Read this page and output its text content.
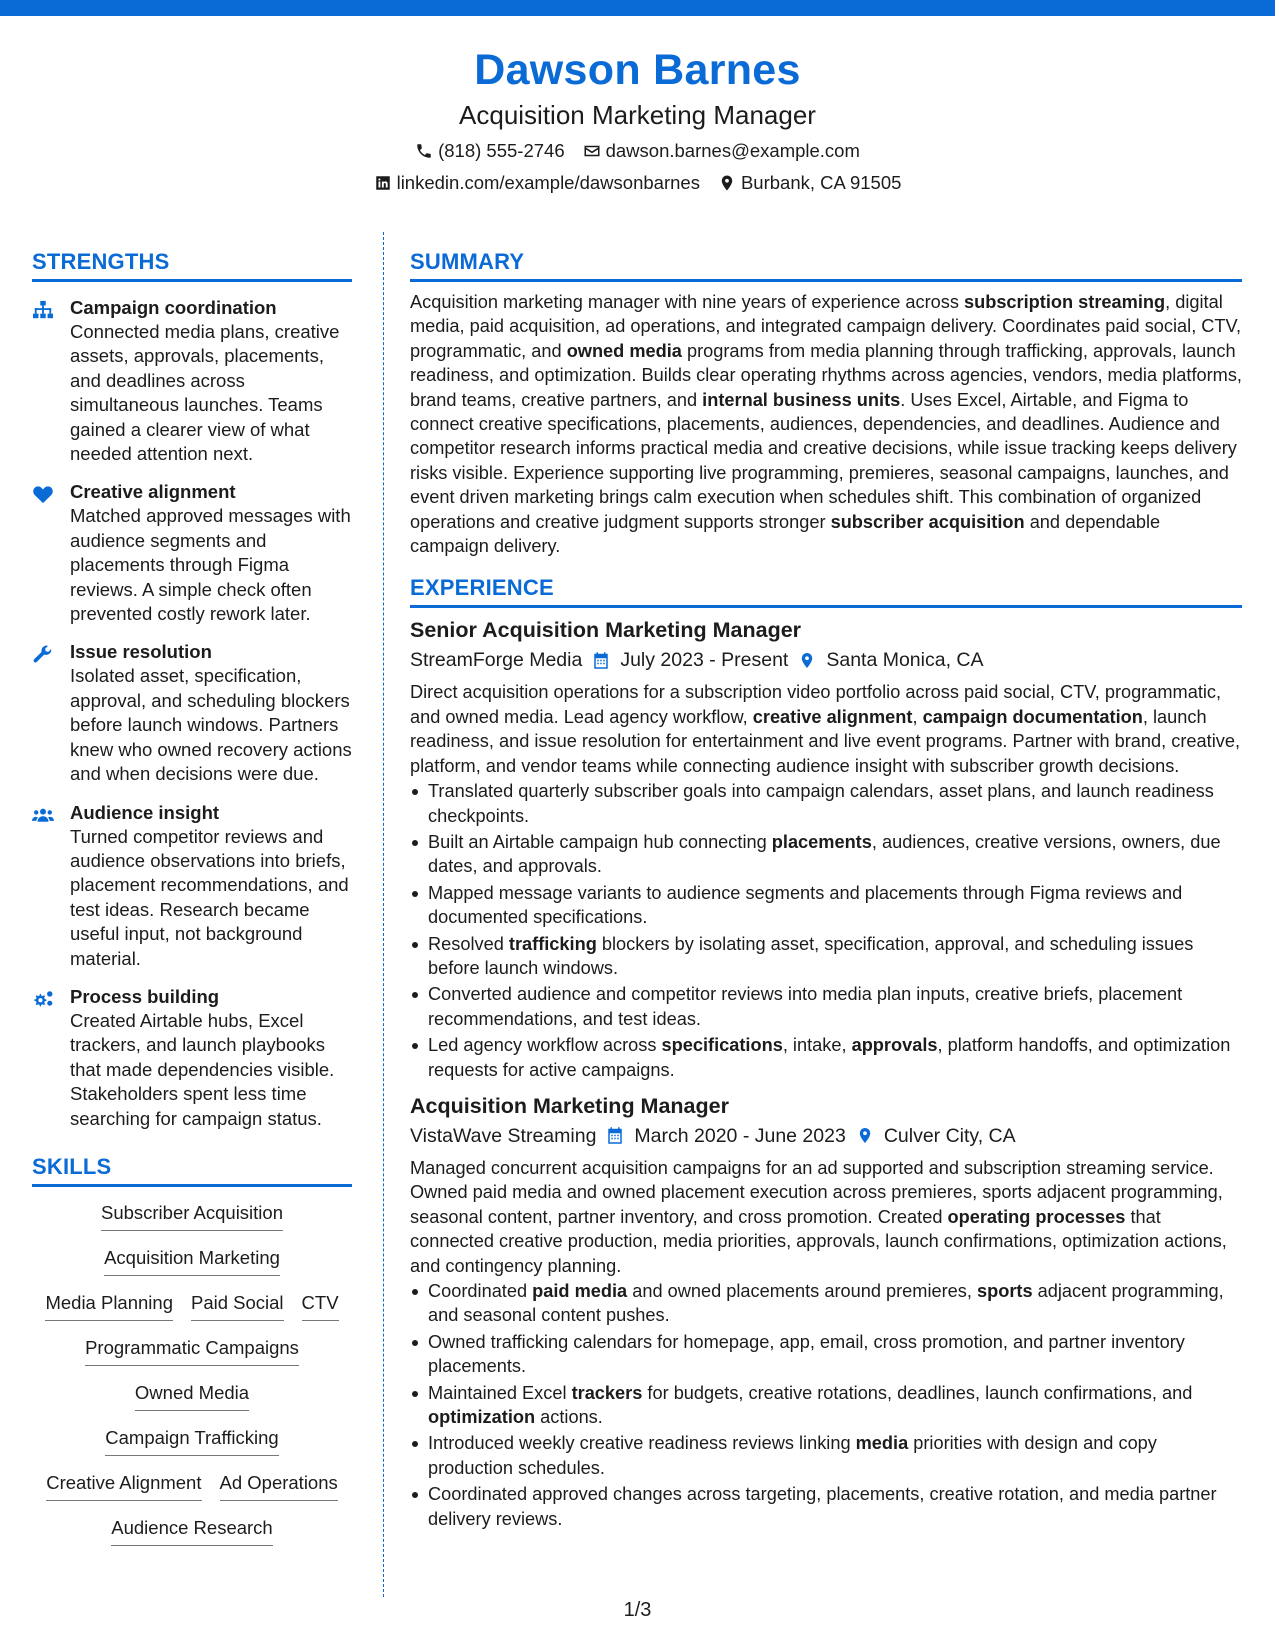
Dawson Barnes
Acquisition Marketing Manager
(818) 555-2746 dawson.barnes@example.com
linkedin.com/example/dawsonbarnes Burbank, CA 91505
STRENGTHS
Campaign coordination
Connected media plans, creative assets, approvals, placements, and deadlines across simultaneous launches. Teams gained a clearer view of what needed attention next.
Creative alignment
Matched approved messages with audience segments and placements through Figma reviews. A simple check often prevented costly rework later.
Issue resolution
Isolated asset, specification, approval, and scheduling blockers before launch windows. Partners knew who owned recovery actions and when decisions were due.
Audience insight
Turned competitor reviews and audience observations into briefs, placement recommendations, and test ideas. Research became useful input, not background material.
Process building
Created Airtable hubs, Excel trackers, and launch playbooks that made dependencies visible. Stakeholders spent less time searching for campaign status.
SKILLS
Subscriber Acquisition
Acquisition Marketing
Media Planning Paid Social CTV
Programmatic Campaigns
Owned Media
Campaign Trafficking
Creative Alignment Ad Operations
Audience Research
SUMMARY
Acquisition marketing manager with nine years of experience across subscription streaming, digital media, paid acquisition, ad operations, and integrated campaign delivery. Coordinates paid social, CTV, programmatic, and owned media programs from media planning through trafficking, approvals, launch readiness, and optimization. Builds clear operating rhythms across agencies, vendors, media platforms, brand teams, creative partners, and internal business units. Uses Excel, Airtable, and Figma to connect creative specifications, placements, audiences, dependencies, and deadlines. Audience and competitor research informs practical media and creative decisions, while issue tracking keeps delivery risks visible. Experience supporting live programming, premieres, seasonal campaigns, launches, and event driven marketing brings calm execution when schedules shift. This combination of organized operations and creative judgment supports stronger subscriber acquisition and dependable campaign delivery.
EXPERIENCE
Senior Acquisition Marketing Manager
StreamForge Media July 2023 - Present Santa Monica, CA
Direct acquisition operations for a subscription video portfolio across paid social, CTV, programmatic, and owned media. Lead agency workflow, creative alignment, campaign documentation, launch readiness, and issue resolution for entertainment and live event programs. Partner with brand, creative, platform, and vendor teams while connecting audience insight with subscriber growth decisions.
Translated quarterly subscriber goals into campaign calendars, asset plans, and launch readiness checkpoints.
Built an Airtable campaign hub connecting placements, audiences, creative versions, owners, due dates, and approvals.
Mapped message variants to audience segments and placements through Figma reviews and documented specifications.
Resolved trafficking blockers by isolating asset, specification, approval, and scheduling issues before launch windows.
Converted audience and competitor reviews into media plan inputs, creative briefs, placement recommendations, and test ideas.
Led agency workflow across specifications, intake, approvals, platform handoffs, and optimization requests for active campaigns.
Acquisition Marketing Manager
VistaWave Streaming March 2020 - June 2023 Culver City, CA
Managed concurrent acquisition campaigns for an ad supported and subscription streaming service. Owned paid media and owned placement execution across premieres, sports adjacent programming, seasonal content, partner inventory, and cross promotion. Created operating processes that connected creative production, media priorities, approvals, launch confirmations, optimization actions, and contingency planning.
Coordinated paid media and owned placements around premieres, sports adjacent programming, and seasonal content pushes.
Owned trafficking calendars for homepage, app, email, cross promotion, and partner inventory placements.
Maintained Excel trackers for budgets, creative rotations, deadlines, launch confirmations, and optimization actions.
Introduced weekly creative readiness reviews linking media priorities with design and copy production schedules.
Coordinated approved changes across targeting, placements, creative rotation, and media partner delivery reviews.
1/3
